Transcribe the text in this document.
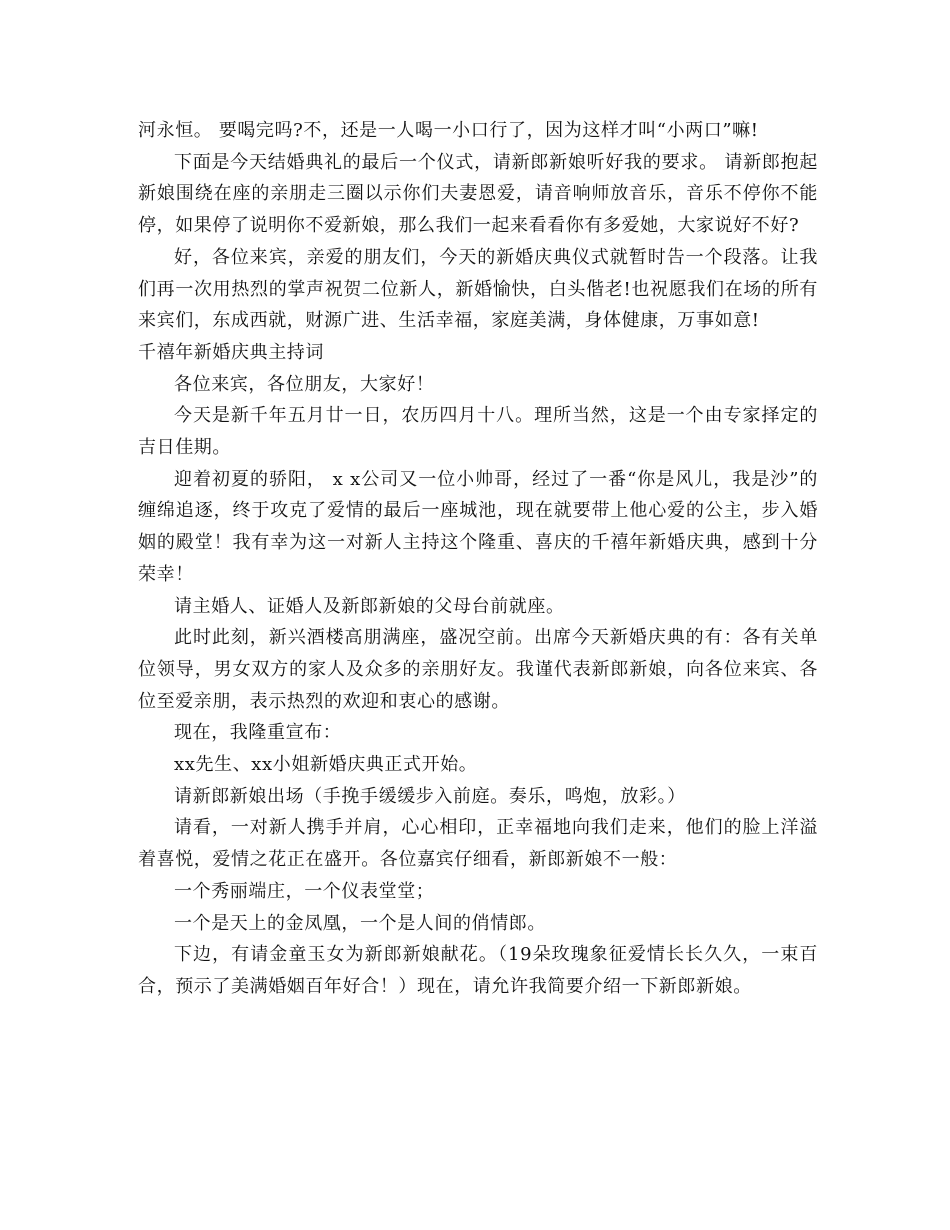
河永恒。 要喝完吗?不，还是一人喝一小口行了，因为这样才叫“小两口”嘛!

下面是今天结婚典礼的最后一个仪式，请新郎新娘听好我的要求。 请新郎抱起新娘围绕在座的亲朋走三圈以示你们夫妻恩爱，请音响师放音乐，音乐不停你不能停，如果停了说明你不爱新娘，那么我们一起来看看你有多爱她，大家说好不好?

好，各位来宾，亲爱的朋友们，今天的新婚庆典仪式就暂时告一个段落。让我们再一次用热烈的掌声祝贺二位新人，新婚愉快，白头偕老!也祝愿我们在场的所有来宾们，东成西就，财源广进、生活幸福，家庭美满，身体健康，万事如意!

千禧年新婚庆典主持词

各位来宾，各位朋友，大家好！

今天是新千年五月廿一日，农历四月十八。理所当然，这是一个由专家择定的吉日佳期。

迎着初夏的骄阳， x x公司又一位小帅哥，经过了一番“你是风儿，我是沙”的缠绵追逐，终于攻克了爱情的最后一座城池，现在就要带上他心爱的公主，步入婚姻的殿堂！我有幸为这一对新人主持这个隆重、喜庆的千禧年新婚庆典，感到十分荣幸！

请主婚人、证婚人及新郎新娘的父母台前就座。

此时此刻，新兴酒楼高朋满座，盛况空前。出席今天新婚庆典的有：各有关单位领导，男女双方的家人及众多的亲朋好友。我谨代表新郎新娘，向各位来宾、各位至爱亲朋，表示热烈的欢迎和衷心的感谢。

现在，我隆重宣布：

xx先生、xx小姐新婚庆典正式开始。

请新郎新娘出场（手挽手缓缓步入前庭。奏乐，鸣炮，放彩。）

请看，一对新人携手并肩，心心相印，正幸福地向我们走来，他们的脸上洋溢着喜悦，爱情之花正在盛开。各位嘉宾仔细看，新郎新娘不一般：

一个秀丽端庄，一个仪表堂堂；

一个是天上的金凤凰，一个是人间的俏情郎。

下边，有请金童玉女为新郎新娘献花。（19朵玫瑰象征爱情长长久久，一束百合，预示了美满婚姻百年好合！）现在，请允许我简要介绍一下新郎新娘。
